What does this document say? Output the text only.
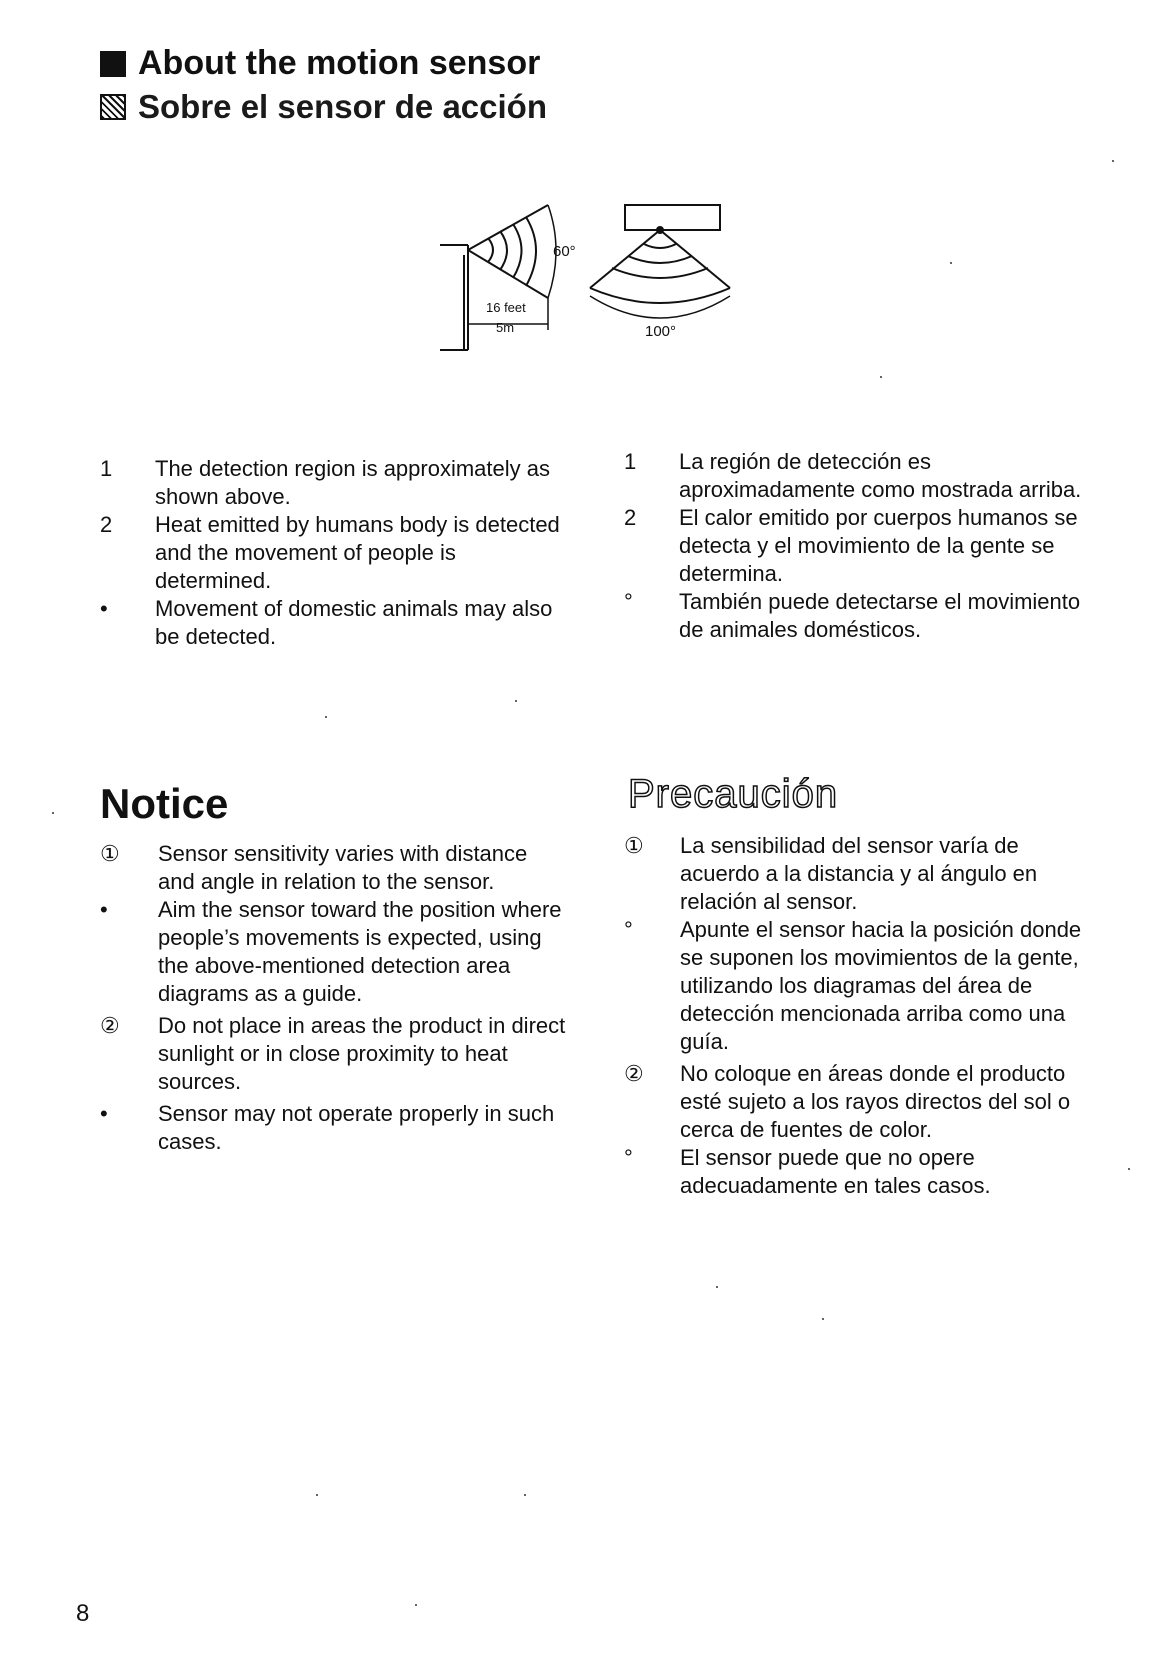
About the motion sensor
Sobre el sensor de acción
60°
16 feet
5m	100°
1	The detection region is approximately as shown above.
2	Heat emitted by humans body is detected and the movement of people is determined.
•	Movement of domestic animals may also be detected.
1	La región de detección es aproximadamente como mostrada arriba.
2	El calor emitido por cuerpos humanos se detecta y el movimiento de la gente se determina.
°	También puede detectarse el movimiento de animales domésticos.
Notice
①	Sensor sensitivity varies with distance and angle in relation to the sensor.
•	Aim the sensor toward the position where people’s movements is expected, using the above-mentioned detection area diagrams as a guide.
②	Do not place in areas the product in direct sunlight or in close proximity to heat sources.
•	Sensor may not operate properly in such cases.
Precaución
①	La sensibilidad del sensor varía de acuerdo a la distancia y al ángulo en relación al sensor.
°	Apunte el sensor hacia la posición donde se suponen los movimientos de la gente, utilizando los diagramas del área de detección mencionada arriba como una guía.
②	No coloque en áreas donde el producto esté sujeto a los rayos directos del sol o cerca de fuentes de color.
°	El sensor puede que no opere adecuadamente en tales casos.
8
